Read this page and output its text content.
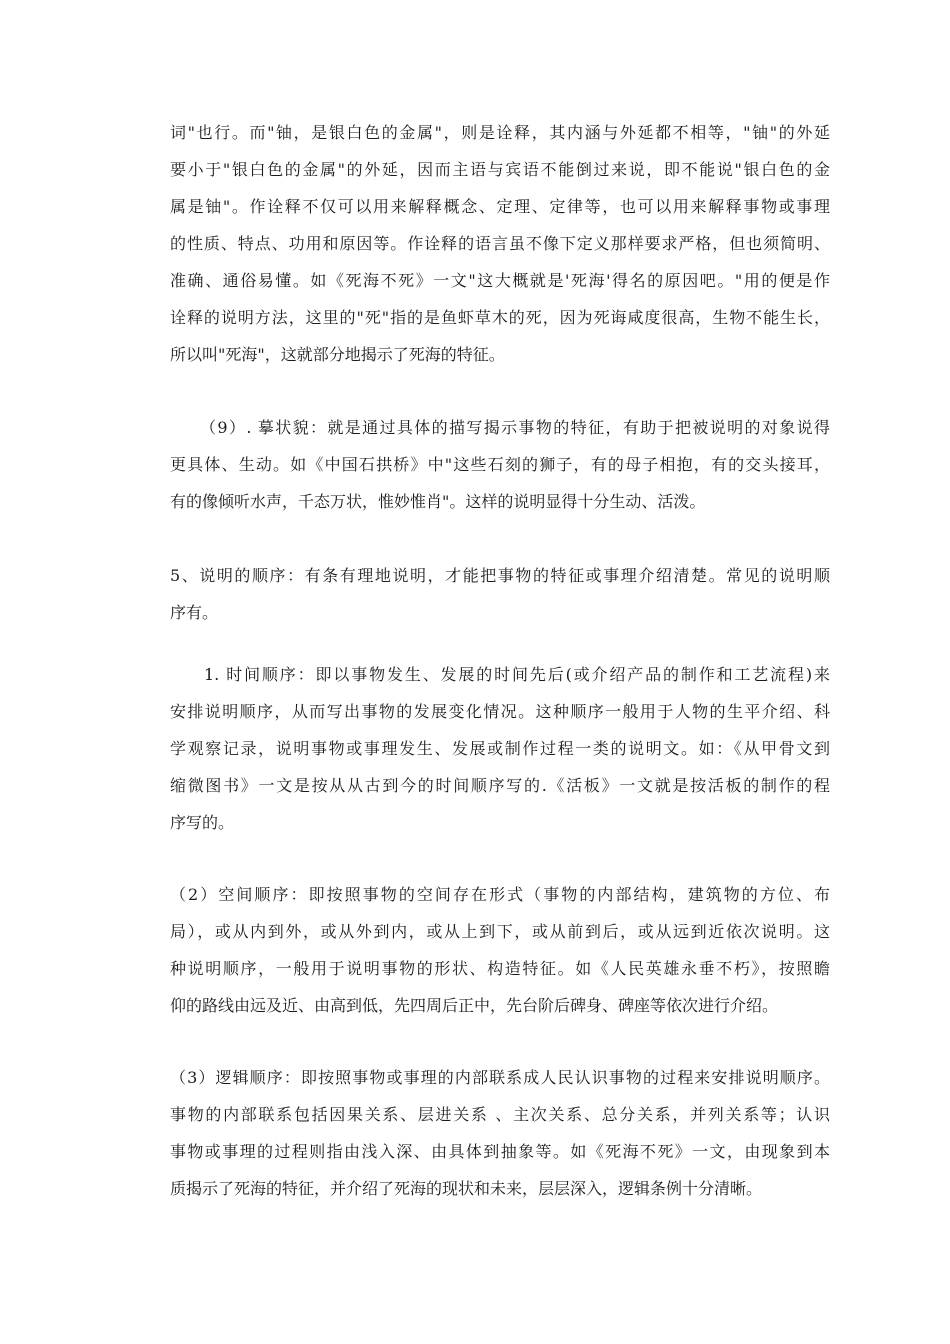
词"也行。而"铀，是银白色的金属"，则是诠释，其内涵与外延都不相等，"铀"的外延
要小于"银白色的金属"的外延，因而主语与宾语不能倒过来说，即不能说"银白色的金
属是铀"。作诠释不仅可以用来解释概念、定理、定律等，也可以用来解释事物或事理
的性质、特点、功用和原因等。作诠释的语言虽不像下定义那样要求严格，但也须简明、
准确、通俗易懂。如《死海不死》一文"这大概就是'死海'得名的原因吧。"用的便是作
诠释的说明方法，这里的"死"指的是鱼虾草木的死，因为死诲咸度很高，生物不能生长，
所以叫"死海"，这就部分地揭示了死海的特征。
（9）. 摹状貌：就是通过具体的描写揭示事物的特征，有助于把被说明的对象说得
更具体、生动。如《中国石拱桥》中"这些石刻的狮子，有的母子相抱，有的交头接耳，
有的像倾听水声，千态万状，惟妙惟肖"。这样的说明显得十分生动、活泼。
5、说明的顺序：有条有理地说明，才能把事物的特征或事理介绍清楚。常见的说明顺
序有。
1. 时间顺序：即以事物发生、发展的时间先后(或介绍产品的制作和工艺流程)来
安排说明顺序，从而写出事物的发展变化情况。这种顺序一般用于人物的生平介绍、科
学观察记录，说明事物或事理发生、发展或制作过程一类的说明文。如：《从甲骨文到
缩微图书》一文是按从从古到今的时间顺序写的.《活板》一文就是按活板的制作的程
序写的。
（2）空间顺序：即按照事物的空间存在形式（事物的内部结构，建筑物的方位、布
局），或从内到外，或从外到内，或从上到下，或从前到后，或从远到近依次说明。这
种说明顺序，一般用于说明事物的形状、构造特征。如《人民英雄永垂不朽》，按照瞻
仰的路线由远及近、由高到低，先四周后正中，先台阶后碑身、碑座等依次进行介绍。
（3）逻辑顺序：即按照事物或事理的内部联系成人民认识事物的过程来安排说明顺序。
事物的内部联系包括因果关系、层进关系 、主次关系、总分关系，并列关系等；认识
事物或事理的过程则指由浅入深、由具体到抽象等。如《死海不死》一文，由现象到本
质揭示了死海的特征，并介绍了死海的现状和未来，层层深入，逻辑条例十分清晰。
